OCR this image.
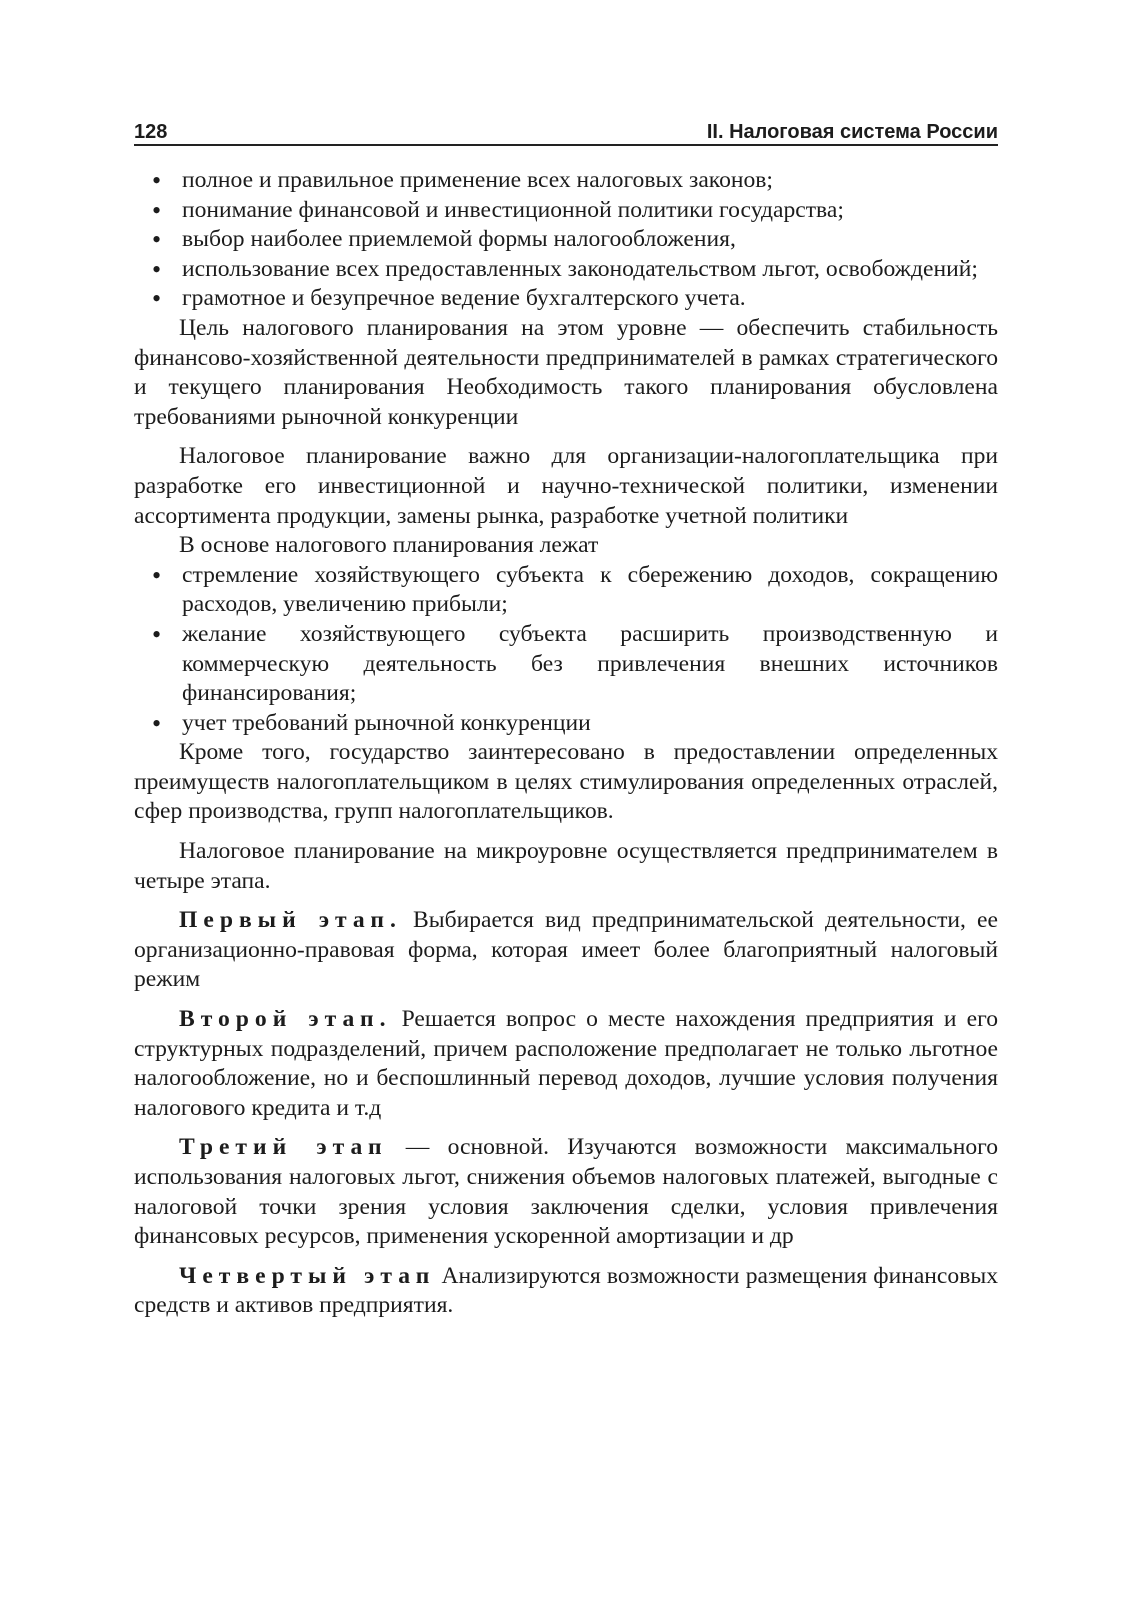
128	II. Налоговая система России
• полное и правильное применение всех налоговых законов;
• понимание финансовой и инвестиционной политики государства;
• выбор наиболее приемлемой формы налогообложения,
• использование всех предоставленных законодательством льгот, освобождений;
• грамотное и безупречное ведение бухгалтерского учета.

Цель налогового планирования на этом уровне — обеспечить стабильность финансово-хозяйственной деятельности предпринимателей в рамках стратегического и текущего планирования Необходимость такого планирования обусловлена требованиями рыночной конкуренции

Налоговое планирование важно для организации-налогоплательщика при разработке его инвестиционной и научно-технической политики, изменении ассортимента продукции, замены рынка, разработке учетной политики

В основе налогового планирования лежат

• стремление хозяйствующего субъекта к сбережению доходов, сокращению расходов, увеличению прибыли;
• желание хозяйствующего субъекта расширить производственную и коммерческую деятельность без привлечения внешних источников финансирования;
• учет требований рыночной конкуренции

Кроме того, государство заинтересовано в предоставлении определенных преимуществ налогоплательщиком в целях стимулирования определенных отраслей, сфер производства, групп налогоплательщиков.

Налоговое планирование на микроуровне осуществляется предпринимателем в четыре этапа.

Первый этап. Выбирается вид предпринимательской деятельности, ее организационно-правовая форма, которая имеет более благоприятный налоговый режим

Второй этап. Решается вопрос о месте нахождения предприятия и его структурных подразделений, причем расположение предполагает не только льготное налогообложение, но и беспошлинный перевод доходов, лучшие условия получения налогового кредита и т.д

Третий этап — основной. Изучаются возможности максимального использования налоговых льгот, снижения объемов налоговых платежей, выгодные с налоговой точки зрения условия заключения сделки, условия привлечения финансовых ресурсов, применения ускоренной амортизации и др

Четвертый этап Анализируются возможности размещения финансовых средств и активов предприятия.
